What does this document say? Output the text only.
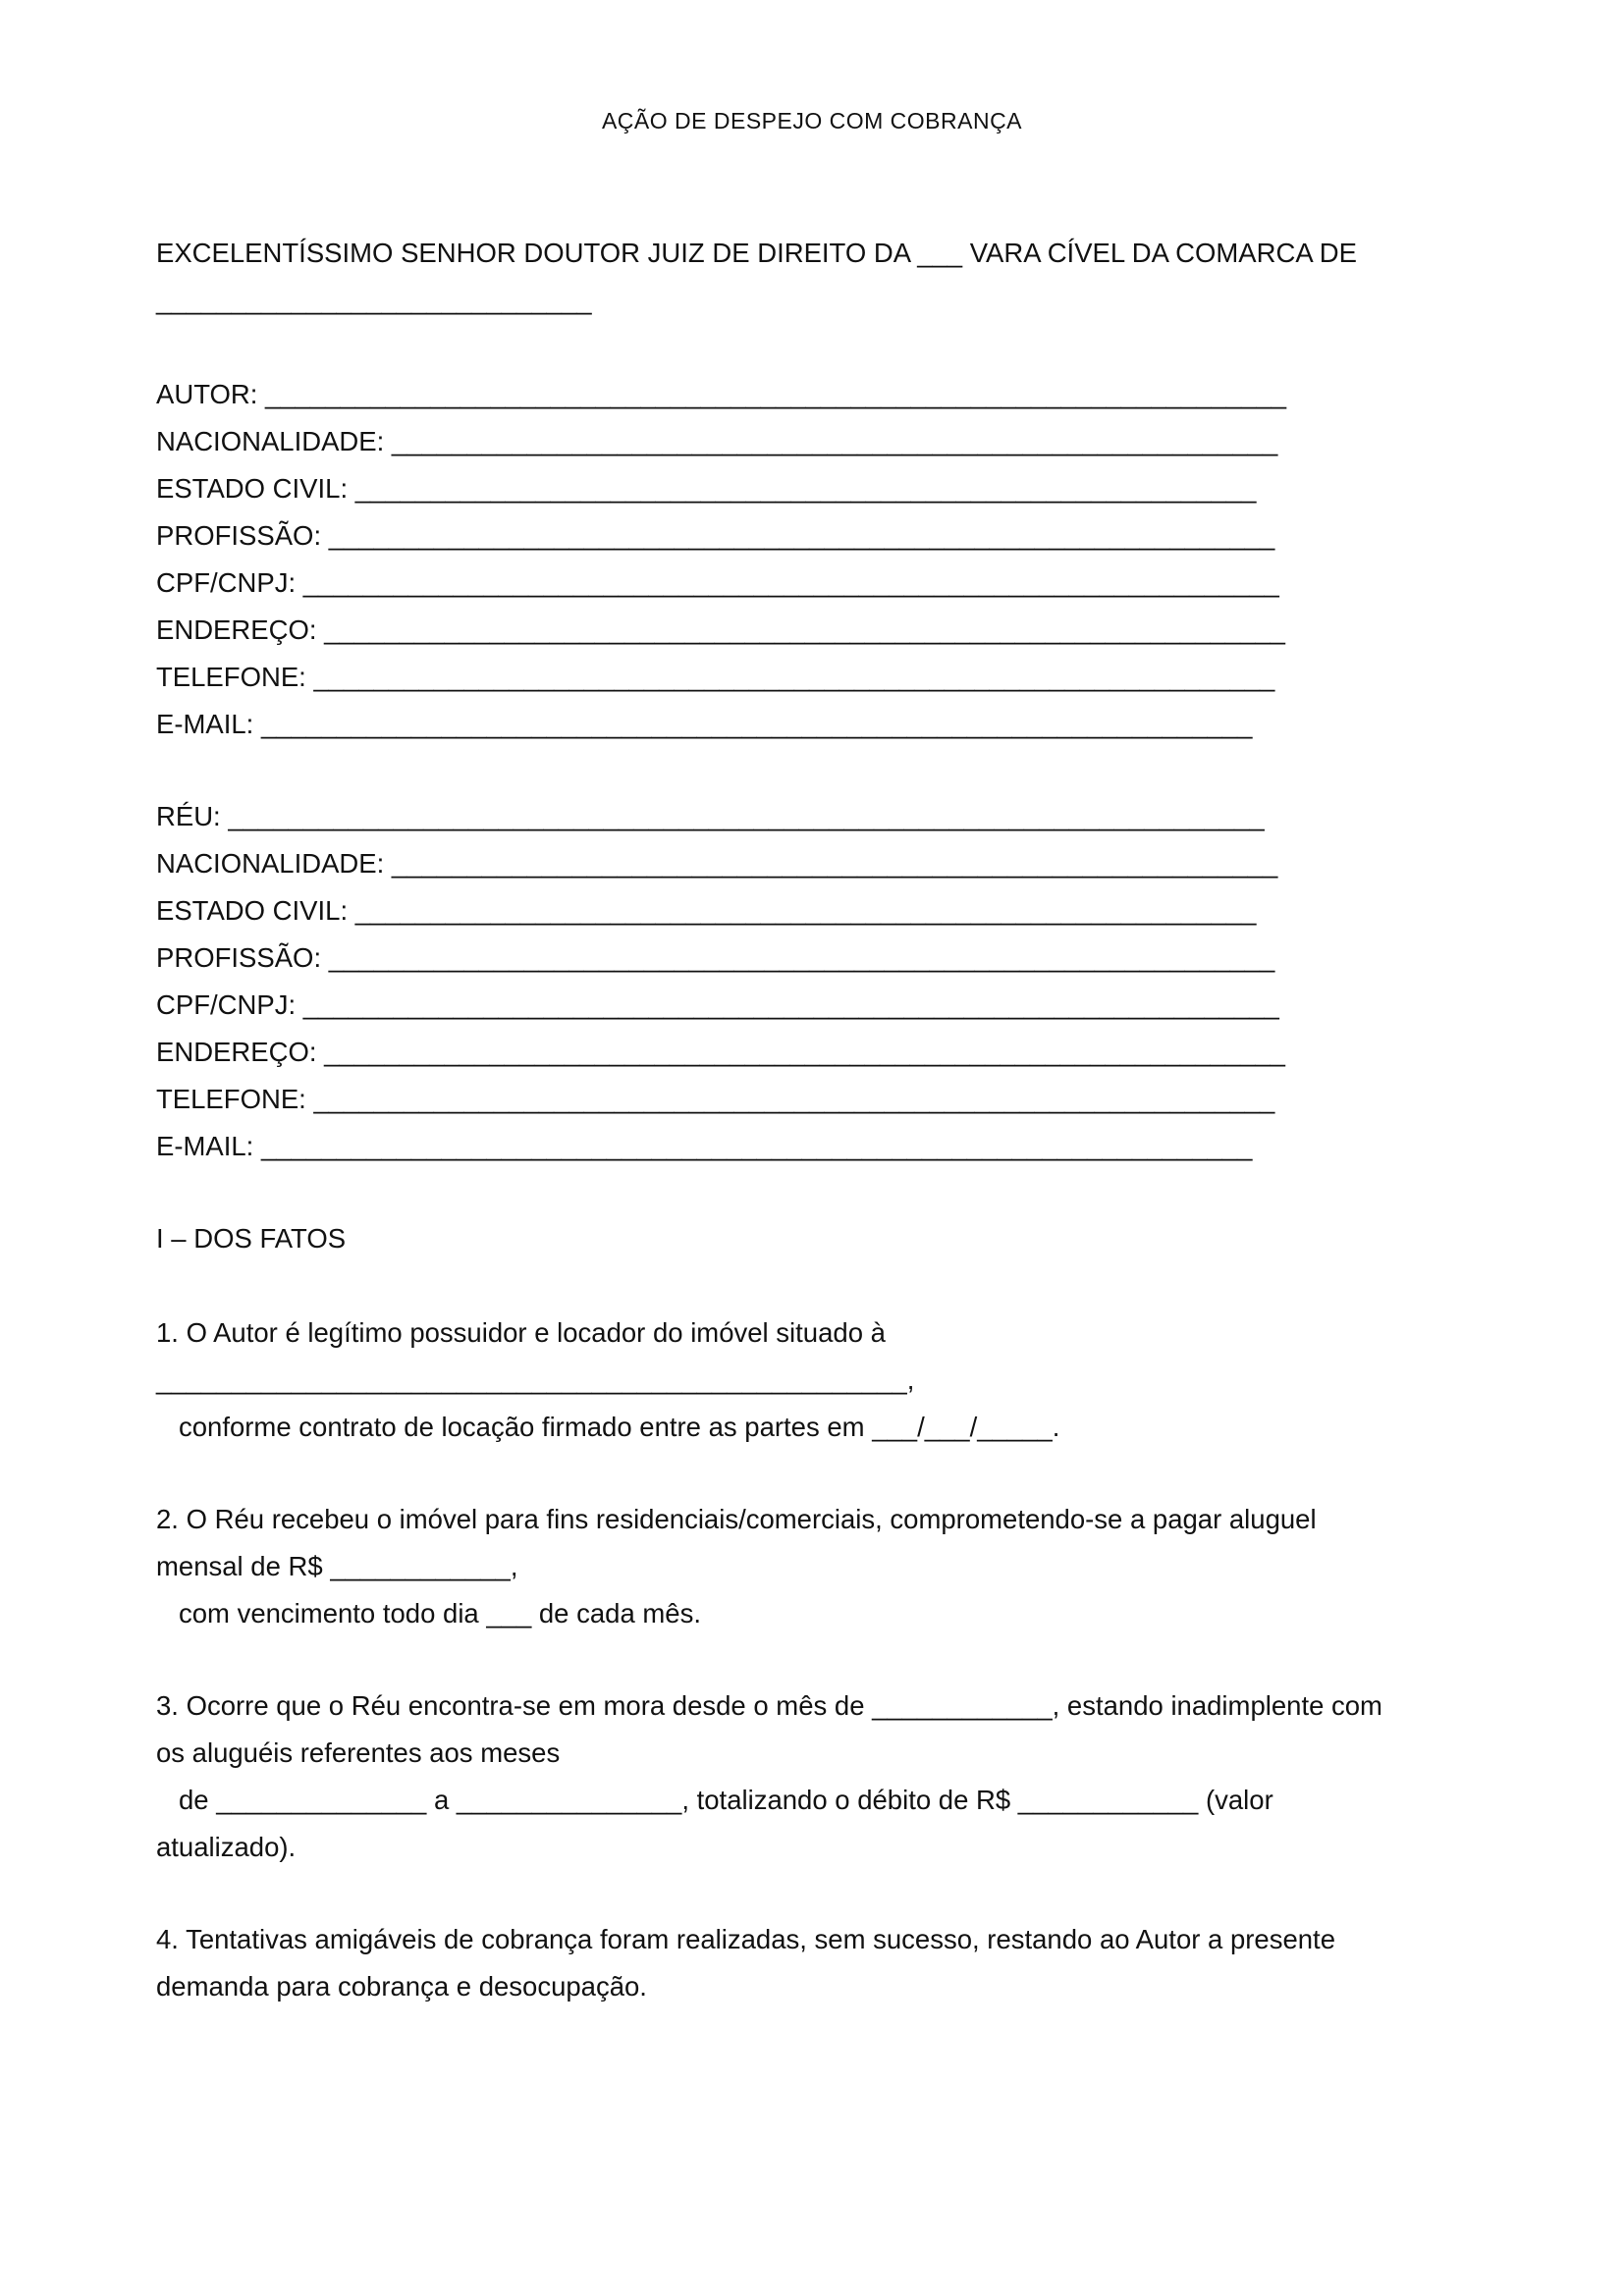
AÇÃO DE DESPEJO COM COBRANÇA
EXCELENTÍSSIMO SENHOR DOUTOR JUIZ DE DIREITO DA ___ VARA CÍVEL DA COMARCA DE
_____________________________
AUTOR: ____________________________________________________________________
NACIONALIDADE: ___________________________________________________________
ESTADO CIVIL: ____________________________________________________________
PROFISSÃO: _______________________________________________________________
CPF/CNPJ: _________________________________________________________________
ENDEREÇO: ________________________________________________________________
TELEFONE: ________________________________________________________________
E-MAIL: __________________________________________________________________
RÉU: _____________________________________________________________________
NACIONALIDADE: ___________________________________________________________
ESTADO CIVIL: ____________________________________________________________
PROFISSÃO: _______________________________________________________________
CPF/CNPJ: _________________________________________________________________
ENDEREÇO: ________________________________________________________________
TELEFONE: ________________________________________________________________
E-MAIL: __________________________________________________________________
I – DOS FATOS
1. O Autor é legítimo possuidor e locador do imóvel situado à
__________________________________________________,
conforme contrato de locação firmado entre as partes em ___/___/_____.
2. O Réu recebeu o imóvel para fins residenciais/comerciais, comprometendo-se a pagar aluguel
mensal de R$ ____________,
com vencimento todo dia ___ de cada mês.
3. Ocorre que o Réu encontra-se em mora desde o mês de ____________, estando inadimplente com
os aluguéis referentes aos meses
de ______________ a _______________, totalizando o débito de R$ ____________ (valor
atualizado).
4. Tentativas amigáveis de cobrança foram realizadas, sem sucesso, restando ao Autor a presente
demanda para cobrança e desocupação.
